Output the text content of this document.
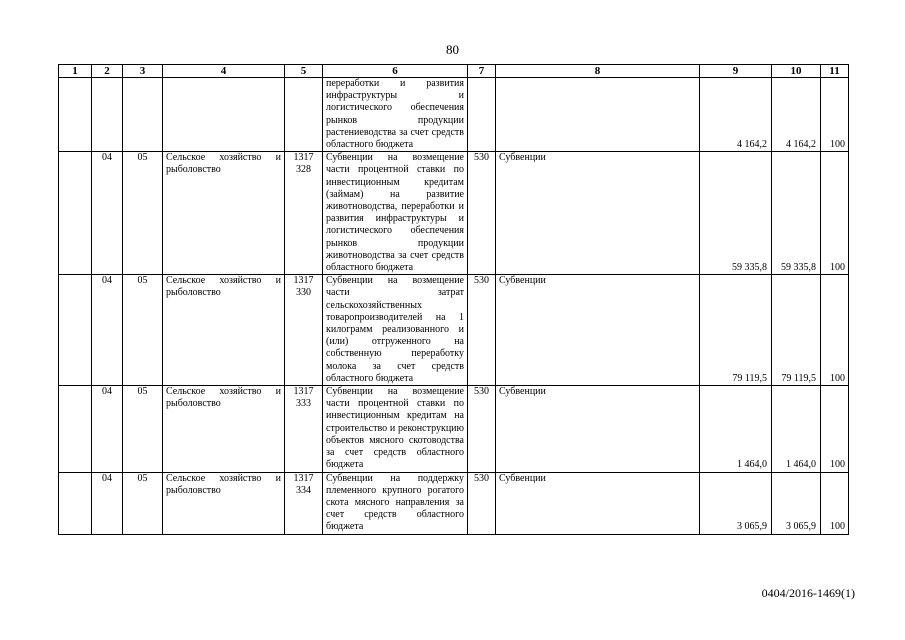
80
1	2	3	4	5	6	7	8	9	10	11
					переработки и развития инфраструктуры и логистического обеспечения рынков продукции растениеводства за счет средств областного бюджета			4 164,2	4 164,2	100
	04	05	Сельское хозяйство и рыболовство	1317 328	Субвенции на возмещение части процентной ставки по инвестиционным кредитам (займам) на развитие животноводства, переработки и развития инфраструктуры и логистического обеспечения рынков продукции животноводства за счет средств областного бюджета	530	Субвенции	59 335,8	59 335,8	100
	04	05	Сельское хозяйство и рыболовство	1317 330	Субвенции на возмещение части затрат сельскохозяйственных товаропроизводителей на 1 килограмм реализованного и (или) отгруженного на собственную переработку молока за счет средств областного бюджета	530	Субвенции	79 119,5	79 119,5	100
	04	05	Сельское хозяйство и рыболовство	1317 333	Субвенции на возмещение части процентной ставки по инвестиционным кредитам на строительство и реконструкцию объектов мясного скотоводства за счет средств областного бюджета	530	Субвенции	1 464,0	1 464,0	100
	04	05	Сельское хозяйство и рыболовство	1317 334	Субвенции на поддержку племенного крупного рогатого скота мясного направления за счет средств областного бюджета	530	Субвенции	3 065,9	3 065,9	100
0404/2016-1469(1)
